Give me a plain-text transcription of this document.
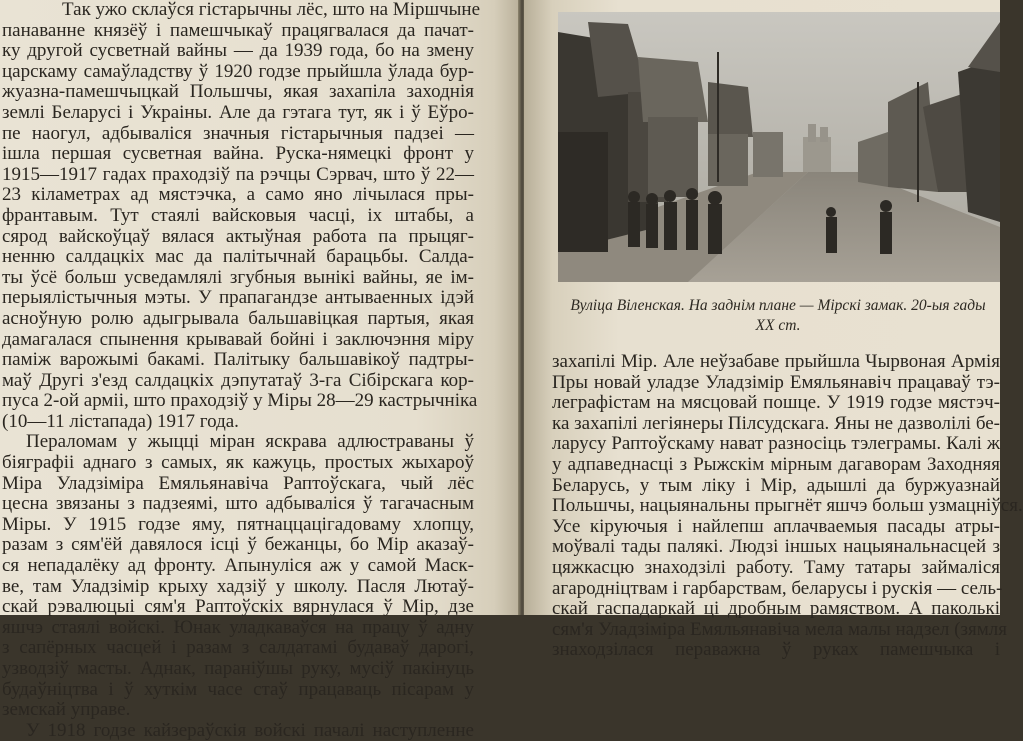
Так ужо склаўся гістарычны лёс, што на Міршчыне
панаванне князёў і памешчыкаў працягвалася да пачат-
ку другой сусветнай вайны — да 1939 года, бо на змену
царскаму самаўладству ў 1920 годзе прыйшла ўлада бур-
жуазна-памешчыцкай Польшчы, якая захапіла заходнія
землі Беларусі і Украіны. Але да гэтага тут, як і ў Еўро-
пе наогул, адбываліся значныя гістарычныя падзеі —
ішла першая сусветная вайна. Руска-нямецкі фронт у
1915—1917 гадах праходзіў па рэчцы Сэрвач, што ў 22—
23 кіламетрах ад мястэчка, а само яно лічылася пры-
франтавым. Тут стаялі вайсковыя часці, іх штабы, а
сярод вайскоўцаў вялася актыўная работа па прыцяг-
ненню салдацкіх мас да палітычнай барацьбы. Салда-
ты ўсё больш усведамлялі згубныя вынікі вайны, яе ім-
перыялістычныя мэты. У прапагандзе антываенных ідэй
асноўную ролю адыгрывала бальшавіцкая партыя, якая
дамагалася спынення крывавай бойні і заключэння міру
паміж варожымі бакамі. Палітыку бальшавікоў падтры-
маў Другі з'езд салдацкіх дэпутатаў 3-га Сібірскага кор-
пуса 2-ой арміі, што праходзіў у Міры 28—29 кастрычніка
(10—11 лістапада) 1917 года.
Пераломам у жыцці міран яскрава адлюстраваны ў
біяграфіі аднаго з самых, як кажуць, простых жыхароў
Міра Уладзіміра Емяльянавіча Раптоўскага, чый лёс
цесна звязаны з падзеямі, што адбываліся ў тагачасным
Міры. У 1915 годзе яму, пятнаццацігадоваму хлопцу,
разам з сям'ёй давялося ісці ў бежанцы, бо Мір аказаў-
ся непадалёку ад фронту. Апынуліся аж у самой Маск-
ве, там Уладзімір крыху хадзіў у школу. Пасля Лютаў-
скай рэвалюцыі сям'я Раптоўскіх вярнулася ў Мір, дзе
яшчэ стаялі войскі. Юнак уладкаваўся на працу ў адну
з сапёрных часцей і разам з салдатамі будаваў дарогі,
узводзіў масты. Аднак, параніўшы руку, мусіў пакінуць
будаўніцтва і ў хуткім часе стаў працаваць пісарам у
земскай управе.
У 1918 годзе кайзераўскія войскі пачалі наступленне
Вуліца Віленская. На заднім плане — Мірскі замак. 20-ыя гады
XX ст.
захапілі Мір. Але неўзабаве прыйшла Чырвоная Армія
Пры новай уладзе Уладзімір Емяльянавіч працаваў тэ-
леграфістам на мясцовай пошце. У 1919 годзе мястэч-
ка захапілі легіянеры Пілсудскага. Яны не дазволілі бе-
ларусу Раптоўскаму нават разносіць тэлеграмы. Калі ж
у адпаведнасці з Рыжскім мірным дагаворам Заходняя
Беларусь, у тым ліку і Мір, адышлі да буржуазнай
Польшчы, нацыянальны прыгнёт яшчэ больш узмацніўся.
Усе кіруючыя і найлепш аплачваемыя пасады атры-
моўвалі тады палякі. Людзі іншых нацыянальнасцей з
цяжкасцю знаходзілі работу. Таму татары займаліся
агародніцтвам і гарбарствам, беларусы і рускія — сель-
скай гаспадаркай ці дробным рамяством. А паколькі
сям'я Уладзіміра Емяльянавіча мела малы надзел (зямля
знаходзілася пераважна ў руках памешчыка і
